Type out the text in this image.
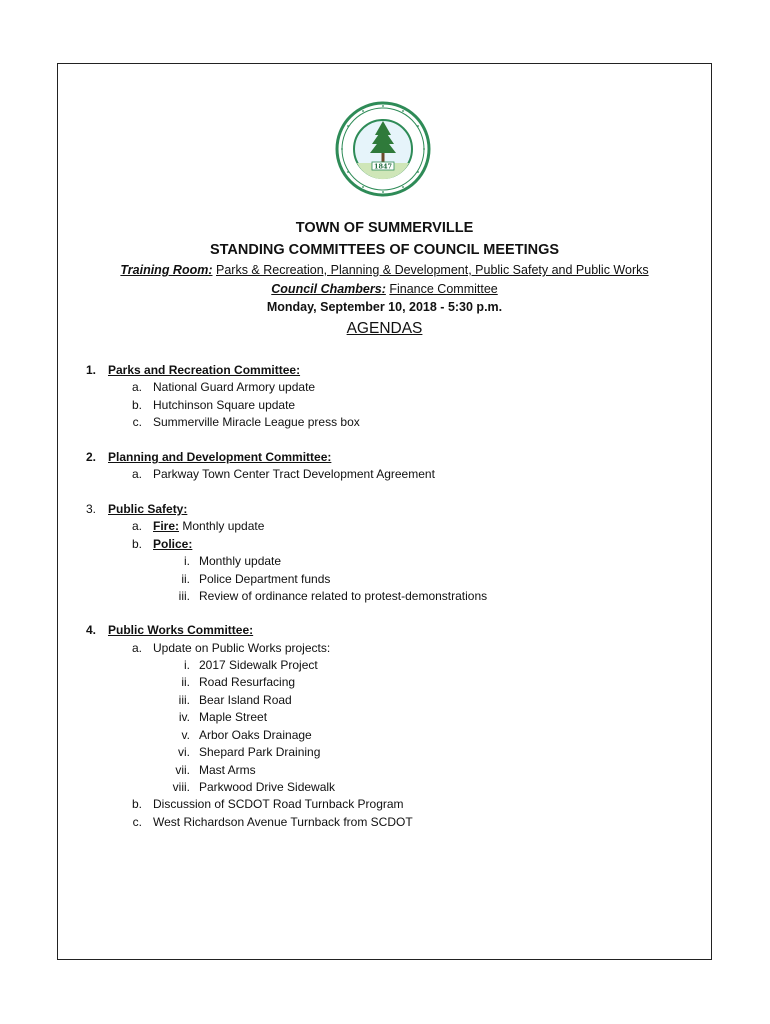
1847
TOWN OF SUMMERVILLE
STANDING COMMITTEES OF COUNCIL MEETINGS
Training Room: Parks & Recreation, Planning & Development, Public Safety and Public Works
Council Chambers: Finance Committee
Monday, September 10, 2018 - 5:30 p.m.
AGENDAS
1. Parks and Recreation Committee:
a. National Guard Armory update
b. Hutchinson Square update
c. Summerville Miracle League press box
2. Planning and Development Committee:
a. Parkway Town Center Tract Development Agreement
3. Public Safety:
a. Fire: Monthly update
b. Police:
i. Monthly update
ii. Police Department funds
iii. Review of ordinance related to protest-demonstrations
4. Public Works Committee:
a. Update on Public Works projects:
i. 2017 Sidewalk Project
ii. Road Resurfacing
iii. Bear Island Road
iv. Maple Street
v. Arbor Oaks Drainage
vi. Shepard Park Draining
vii. Mast Arms
viii. Parkwood Drive Sidewalk
b. Discussion of SCDOT Road Turnback Program
c. West Richardson Avenue Turnback from SCDOT
